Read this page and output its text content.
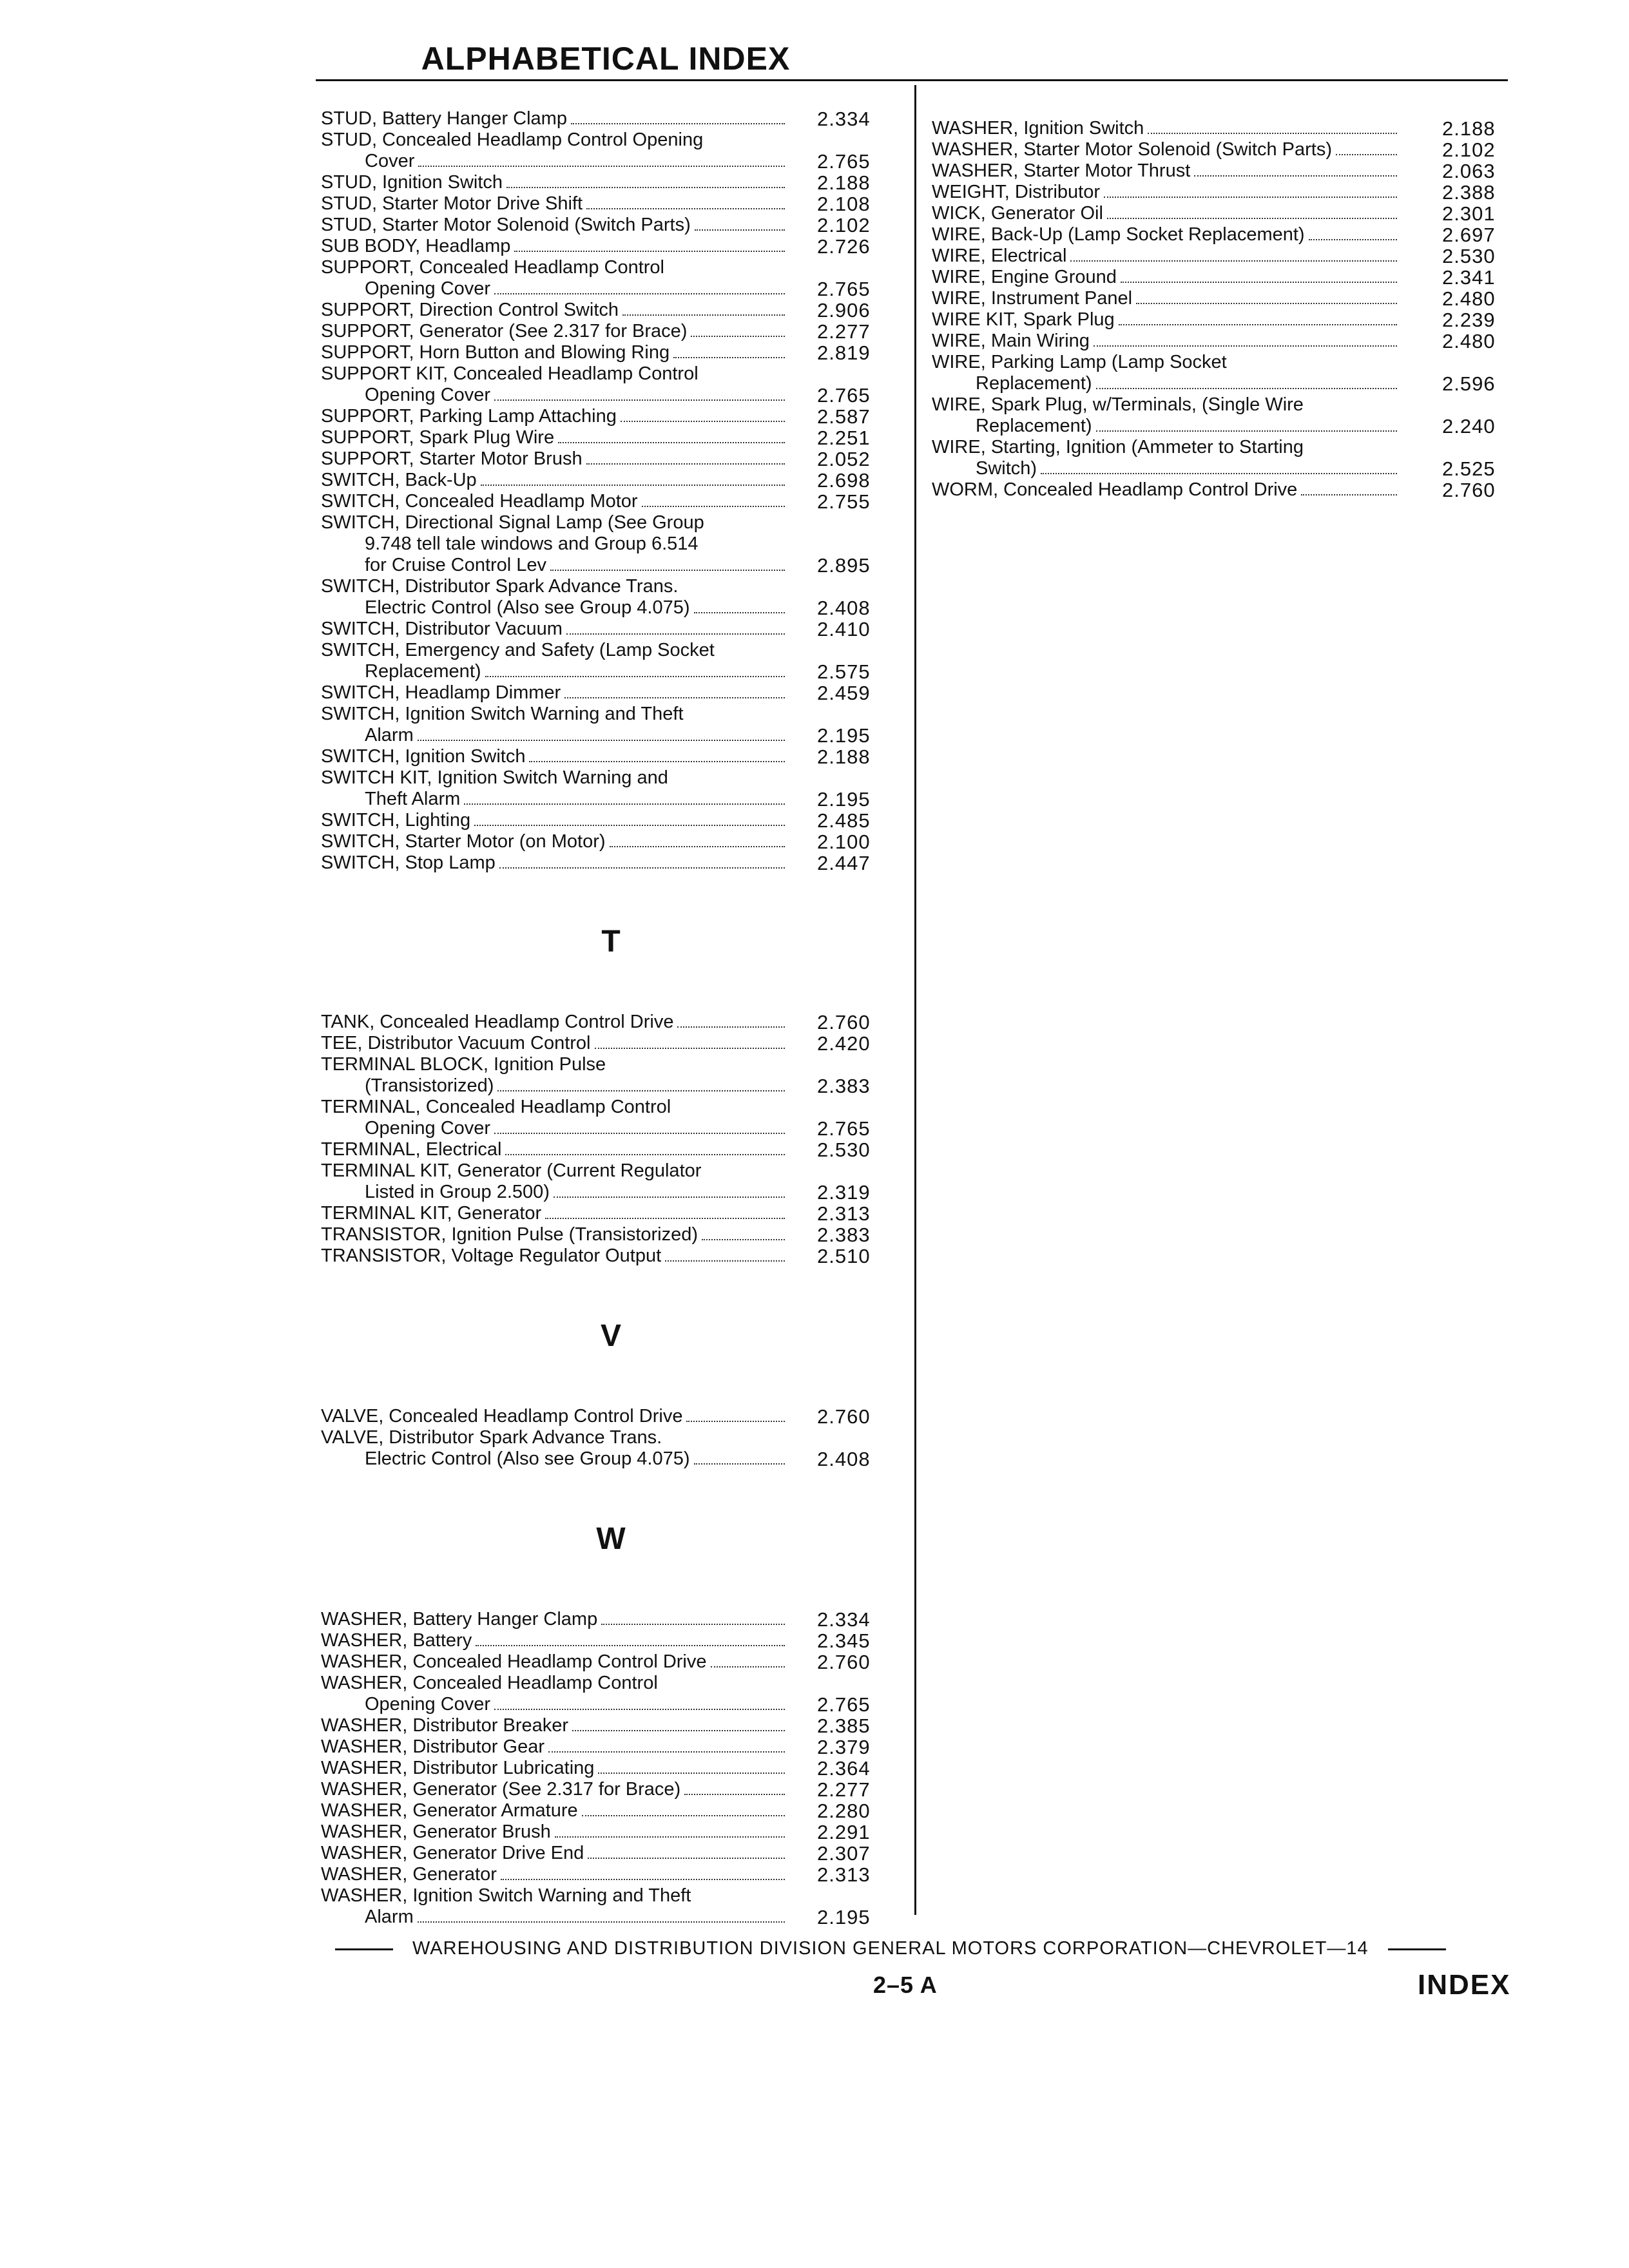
ALPHABETICAL INDEX
STUD, Battery Hanger Clamp	2.334
STUD, Concealed Headlamp Control Opening
Cover	2.765
STUD, Ignition Switch	2.188
STUD, Starter Motor Drive Shift	2.108
STUD, Starter Motor Solenoid (Switch Parts)	2.102
SUB BODY, Headlamp	2.726
SUPPORT, Concealed Headlamp Control
Opening Cover	2.765
SUPPORT, Direction Control Switch	2.906
SUPPORT, Generator (See 2.317 for Brace)	2.277
SUPPORT, Horn Button and Blowing Ring	2.819
SUPPORT KIT, Concealed Headlamp Control
Opening Cover	2.765
SUPPORT, Parking Lamp Attaching	2.587
SUPPORT, Spark Plug Wire	2.251
SUPPORT, Starter Motor Brush	2.052
SWITCH, Back-Up	2.698
SWITCH, Concealed Headlamp Motor	2.755
SWITCH, Directional Signal Lamp (See Group
9.748 tell tale windows and Group 6.514
for Cruise Control Lev	2.895
SWITCH, Distributor Spark Advance Trans.
Electric Control (Also see Group 4.075)	2.408
SWITCH, Distributor Vacuum	2.410
SWITCH, Emergency and Safety (Lamp Socket
Replacement)	2.575
SWITCH, Headlamp Dimmer	2.459
SWITCH, Ignition Switch Warning and Theft
Alarm	2.195
SWITCH, Ignition Switch	2.188
SWITCH KIT, Ignition Switch Warning and
Theft Alarm	2.195
SWITCH, Lighting	2.485
SWITCH, Starter Motor (on Motor)	2.100
SWITCH, Stop Lamp	2.447
T
TANK, Concealed Headlamp Control Drive	2.760
TEE, Distributor Vacuum Control	2.420
TERMINAL BLOCK, Ignition Pulse
(Transistorized)	2.383
TERMINAL, Concealed Headlamp Control
Opening Cover	2.765
TERMINAL, Electrical	2.530
TERMINAL KIT, Generator (Current Regulator
Listed in Group 2.500)	2.319
TERMINAL KIT, Generator	2.313
TRANSISTOR, Ignition Pulse (Transistorized)	2.383
TRANSISTOR, Voltage Regulator Output	2.510
V
VALVE, Concealed Headlamp Control Drive	2.760
VALVE, Distributor Spark Advance Trans.
Electric Control (Also see Group 4.075)	2.408
W
WASHER, Battery Hanger Clamp	2.334
WASHER, Battery	2.345
WASHER, Concealed Headlamp Control Drive	2.760
WASHER, Concealed Headlamp Control
Opening Cover	2.765
WASHER, Distributor Breaker	2.385
WASHER, Distributor Gear	2.379
WASHER, Distributor Lubricating	2.364
WASHER, Generator (See 2.317 for Brace)	2.277
WASHER, Generator Armature	2.280
WASHER, Generator Brush	2.291
WASHER, Generator Drive End	2.307
WASHER, Generator	2.313
WASHER, Ignition Switch Warning and Theft
Alarm	2.195
WASHER, Ignition Switch	2.188
WASHER, Starter Motor Solenoid (Switch Parts)	2.102
WASHER, Starter Motor Thrust	2.063
WEIGHT, Distributor	2.388
WICK, Generator Oil	2.301
WIRE, Back-Up (Lamp Socket Replacement)	2.697
WIRE, Electrical	2.530
WIRE, Engine Ground	2.341
WIRE, Instrument Panel	2.480
WIRE KIT, Spark Plug	2.239
WIRE, Main Wiring	2.480
WIRE, Parking Lamp (Lamp Socket
Replacement)	2.596
WIRE, Spark Plug, w/Terminals, (Single Wire
Replacement)	2.240
WIRE, Starting, Ignition (Ammeter to Starting
Switch)	2.525
WORM, Concealed Headlamp Control Drive	2.760
WAREHOUSING AND DISTRIBUTION DIVISION GENERAL MOTORS CORPORATION—CHEVROLET—14
2–5 A	INDEX
